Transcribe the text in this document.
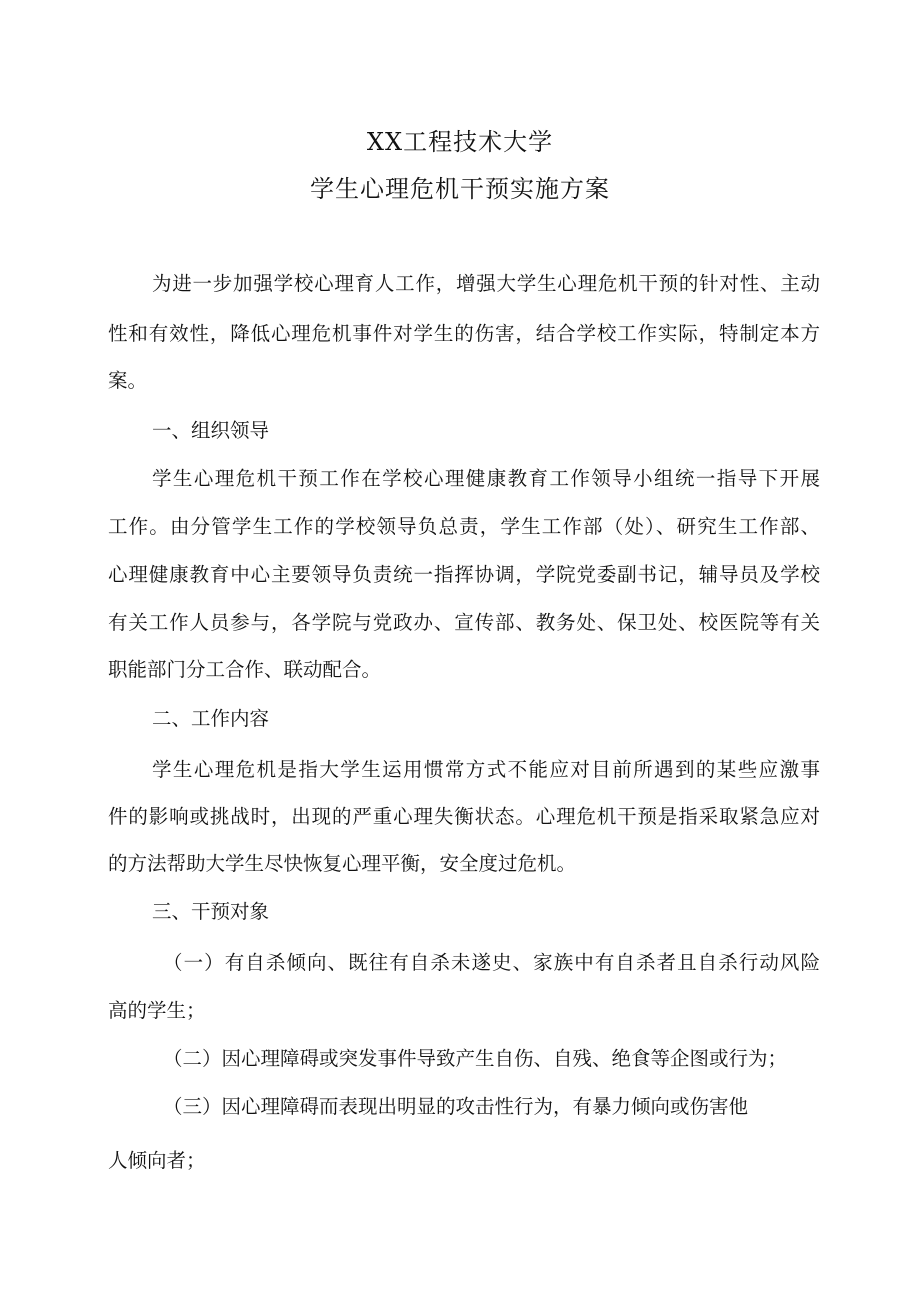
XX工程技术大学
学生心理危机干预实施方案
为进一步加强学校心理育人工作，增强大学生心理危机干预的针对性、主动
性和有效性，降低心理危机事件对学生的伤害，结合学校工作实际，特制定本方
案。
一、组织领导
学生心理危机干预工作在学校心理健康教育工作领导小组统一指导下开展
工作。由分管学生工作的学校领导负总责，学生工作部（处）、研究生工作部、
心理健康教育中心主要领导负责统一指挥协调，学院党委副书记，辅导员及学校
有关工作人员参与，各学院与党政办、宣传部、教务处、保卫处、校医院等有关
职能部门分工合作、联动配合。
二、工作内容
学生心理危机是指大学生运用惯常方式不能应对目前所遇到的某些应激事
件的影响或挑战时，出现的严重心理失衡状态。心理危机干预是指采取紧急应对
的方法帮助大学生尽快恢复心理平衡，安全度过危机。
三、干预对象
（一）有自杀倾向、既往有自杀未遂史、家族中有自杀者且自杀行动风险
高的学生；
（二）因心理障碍或突发事件导致产生自伤、自残、绝食等企图或行为；
（三）因心理障碍而表现出明显的攻击性行为，有暴力倾向或伤害他
人倾向者；
